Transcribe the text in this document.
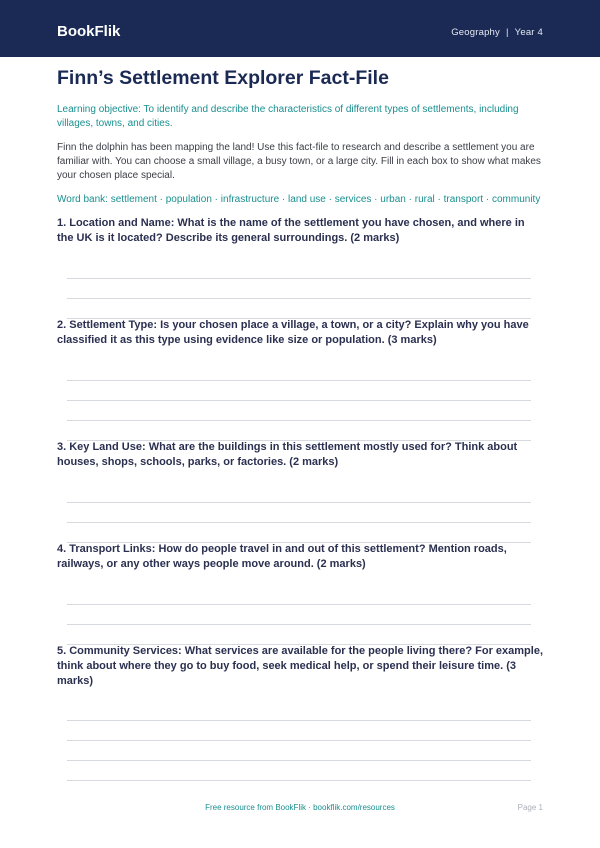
BookFlik	Geography | Year 4
Finn’s Settlement Explorer Fact-File
Learning objective: To identify and describe the characteristics of different types of settlements, including villages, towns, and cities.
Finn the dolphin has been mapping the land! Use this fact-file to research and describe a settlement you are familiar with. You can choose a small village, a busy town, or a large city. Fill in each box to show what makes your chosen place special.
Word bank: settlement · population · infrastructure · land use · services · urban · rural · transport · community
1. Location and Name: What is the name of the settlement you have chosen, and where in the UK is it located? Describe its general surroundings. (2 marks)
2. Settlement Type: Is your chosen place a village, a town, or a city? Explain why you have classified it as this type using evidence like size or population. (3 marks)
3. Key Land Use: What are the buildings in this settlement mostly used for? Think about houses, shops, schools, parks, or factories. (2 marks)
4. Transport Links: How do people travel in and out of this settlement? Mention roads, railways, or any other ways people move around. (2 marks)
5. Community Services: What services are available for the people living there? For example, think about where they go to buy food, seek medical help, or spend their leisure time. (3 marks)
Free resource from BookFlik · bookflik.com/resources	Page 1
